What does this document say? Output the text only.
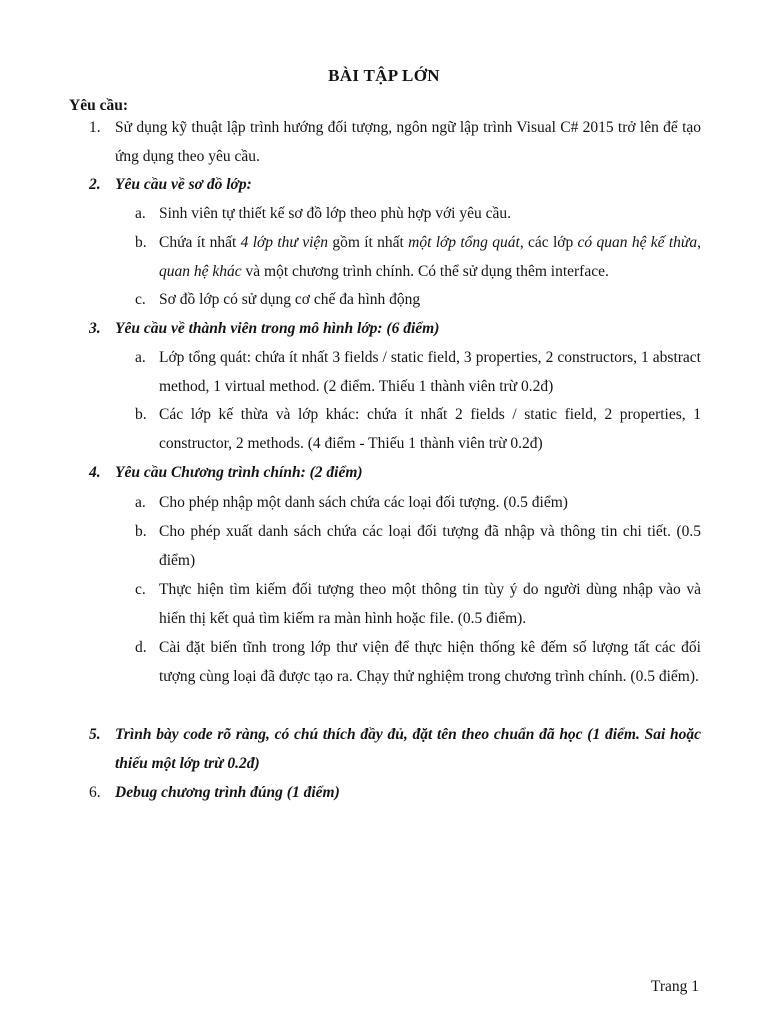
BÀI TẬP LỚN
Yêu cầu:
1. Sử dụng kỹ thuật lập trình hướng đối tượng, ngôn ngữ lập trình Visual C# 2015 trở lên để tạo ứng dụng theo yêu cầu.
2. Yêu cầu về sơ đồ lớp:
a. Sinh viên tự thiết kế sơ đồ lớp theo phù hợp với yêu cầu.
b. Chứa ít nhất 4 lớp thư viện gồm ít nhất một lớp tổng quát, các lớp có quan hệ kế thừa, quan hệ khác và một chương trình chính. Có thể sử dụng thêm interface.
c. Sơ đồ lớp có sử dụng cơ chế đa hình động
3. Yêu cầu về thành viên trong mô hình lớp: (6 điểm)
a. Lớp tổng quát: chứa ít nhất 3 fields / static field, 3 properties, 2 constructors, 1 abstract method, 1 virtual method. (2 điểm. Thiếu 1 thành viên trừ 0.2đ)
b. Các lớp kế thừa và lớp khác: chứa ít nhất 2 fields / static field, 2 properties, 1 constructor, 2 methods. (4 điểm - Thiếu 1 thành viên trừ 0.2đ)
4. Yêu cầu Chương trình chính: (2 điểm)
a. Cho phép nhập một danh sách chứa các loại đối tượng. (0.5 điểm)
b. Cho phép xuất danh sách chứa các loại đối tượng đã nhập và thông tin chi tiết. (0.5 điểm)
c. Thực hiện tìm kiếm đối tượng theo một thông tin tùy ý do người dùng nhập vào và hiển thị kết quả tìm kiếm ra màn hình hoặc file. (0.5 điểm).
d. Cài đặt biến tĩnh trong lớp thư viện để thực hiện thống kê đếm số lượng tất các đối tượng cùng loại đã được tạo ra. Chạy thử nghiệm trong chương trình chính. (0.5 điểm).
5. Trình bày code rõ ràng, có chú thích đầy đủ, đặt tên theo chuẩn đã học (1 điểm. Sai hoặc thiếu một lớp trừ 0.2đ)
6. Debug chương trình đúng (1 điểm)
Trang 1
